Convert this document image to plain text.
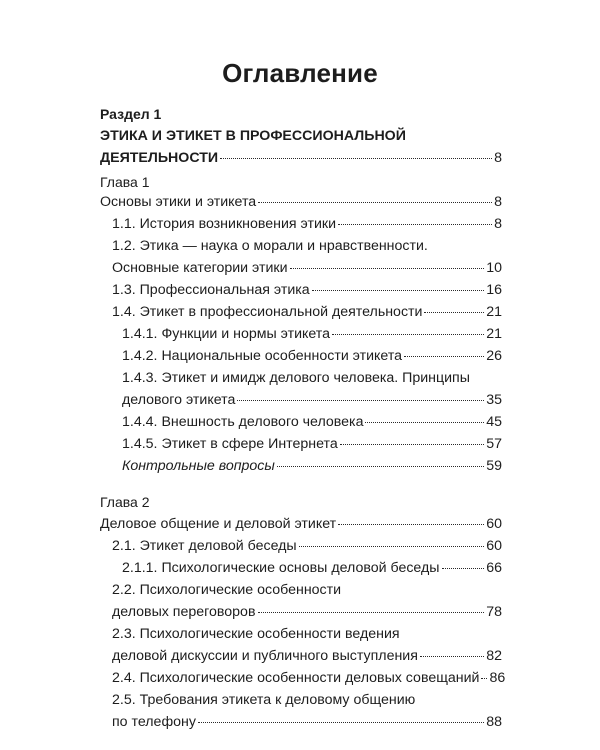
Оглавление
Раздел 1
ЭТИКА И ЭТИКЕТ В ПРОФЕССИОНАЛЬНОЙ
ДЕЯТЕЛЬНОСТИ	8
Глава 1
Основы этики и этикета	8
1.1. История возникновения этики	8
1.2. Этика — наука о морали и нравственности.
Основные категории этики	10
1.3. Профессиональная этика	16
1.4. Этикет в профессиональной деятельности	21
1.4.1. Функции и нормы этикета	21
1.4.2. Национальные особенности этикета	26
1.4.3. Этикет и имидж делового человека. Принципы
делового этикета	35
1.4.4. Внешность делового человека	45
1.4.5. Этикет в сфере Интернета	57
Контрольные вопросы	59
Глава 2
Деловое общение и деловой этикет	60
2.1. Этикет деловой беседы	60
2.1.1. Психологические основы деловой беседы	66
2.2. Психологические особенности
деловых переговоров	78
2.3. Психологические особенности ведения
деловой дискуссии и публичного выступления	82
2.4. Психологические особенности деловых совещаний 86
2.5. Требования этикета к деловому общению
по телефону	88
